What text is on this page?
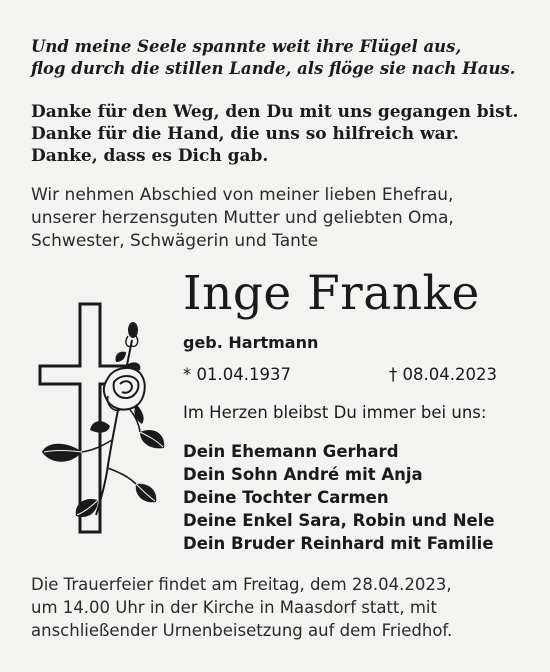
Und meine Seele spannte weit ihre Flügel aus,
flog durch die stillen Lande, als flöge sie nach Haus.
Danke für den Weg, den Du mit uns gegangen bist.
Danke für die Hand, die uns so hilfreich war.
Danke, dass es Dich gab.
Wir nehmen Abschied von meiner lieben Ehefrau,
unserer herzensguten Mutter und geliebten Oma,
Schwester, Schwägerin und Tante
Inge Franke
geb. Hartmann
* 01.04.1937	† 08.04.2023
Im Herzen bleibst Du immer bei uns:
Dein Ehemann Gerhard
Dein Sohn André mit Anja
Deine Tochter Carmen
Deine Enkel Sara, Robin und Nele
Dein Bruder Reinhard mit Familie
Die Trauerfeier findet am Freitag, dem 28.04.2023,
um 14.00 Uhr in der Kirche in Maasdorf statt, mit
anschließender Urnenbeisetzung auf dem Friedhof.
